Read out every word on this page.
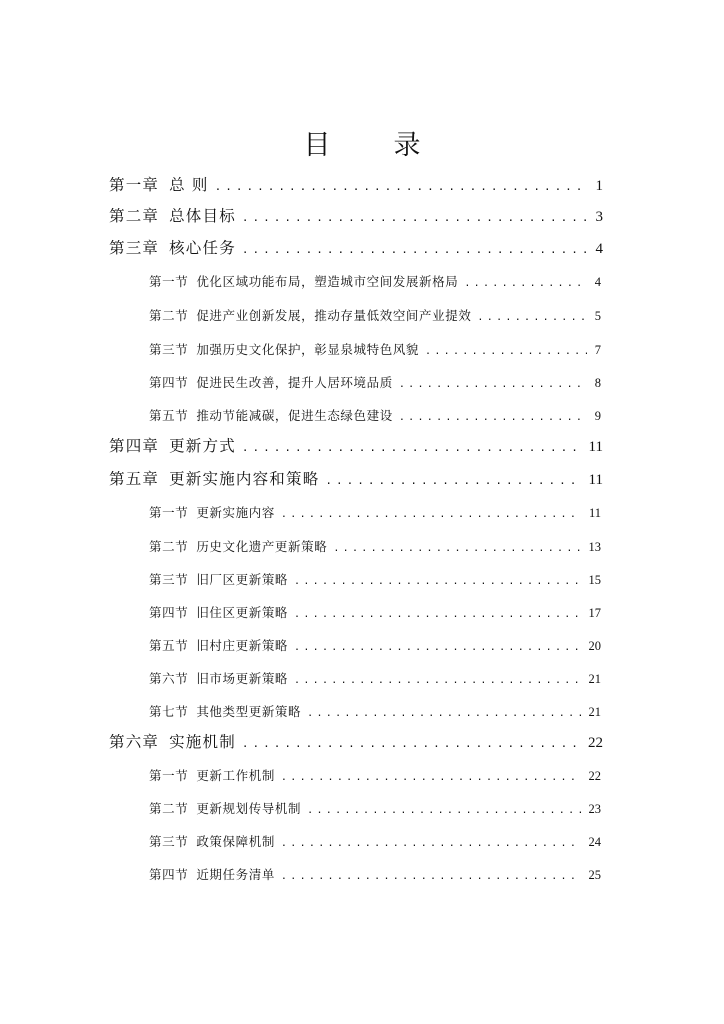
目　录
第一章 总 则 .....	1
第二章 总体目标 .....	3
第三章 核心任务 .....	4
第一节 优化区域功能布局，塑造城市空间发展新格局 .....	4
第二节 促进产业创新发展，推动存量低效空间产业提效 .....	5
第三节 加强历史文化保护，彰显泉城特色风貌 .....	7
第四节 促进民生改善，提升人居环境品质 .....	8
第五节 推动节能减碳，促进生态绿色建设 .....	9
第四章 更新方式 .....	11
第五章 更新实施内容和策略 .....	11
第一节 更新实施内容 .....	11
第二节 历史文化遗产更新策略 .....	13
第三节 旧厂区更新策略 .....	15
第四节 旧住区更新策略 .....	17
第五节 旧村庄更新策略 .....	20
第六节 旧市场更新策略 .....	21
第七节 其他类型更新策略 .....	21
第六章 实施机制 .....	22
第一节 更新工作机制 .....	22
第二节 更新规划传导机制 .....	23
第三节 政策保障机制 .....	24
第四节 近期任务清单 .....	25
